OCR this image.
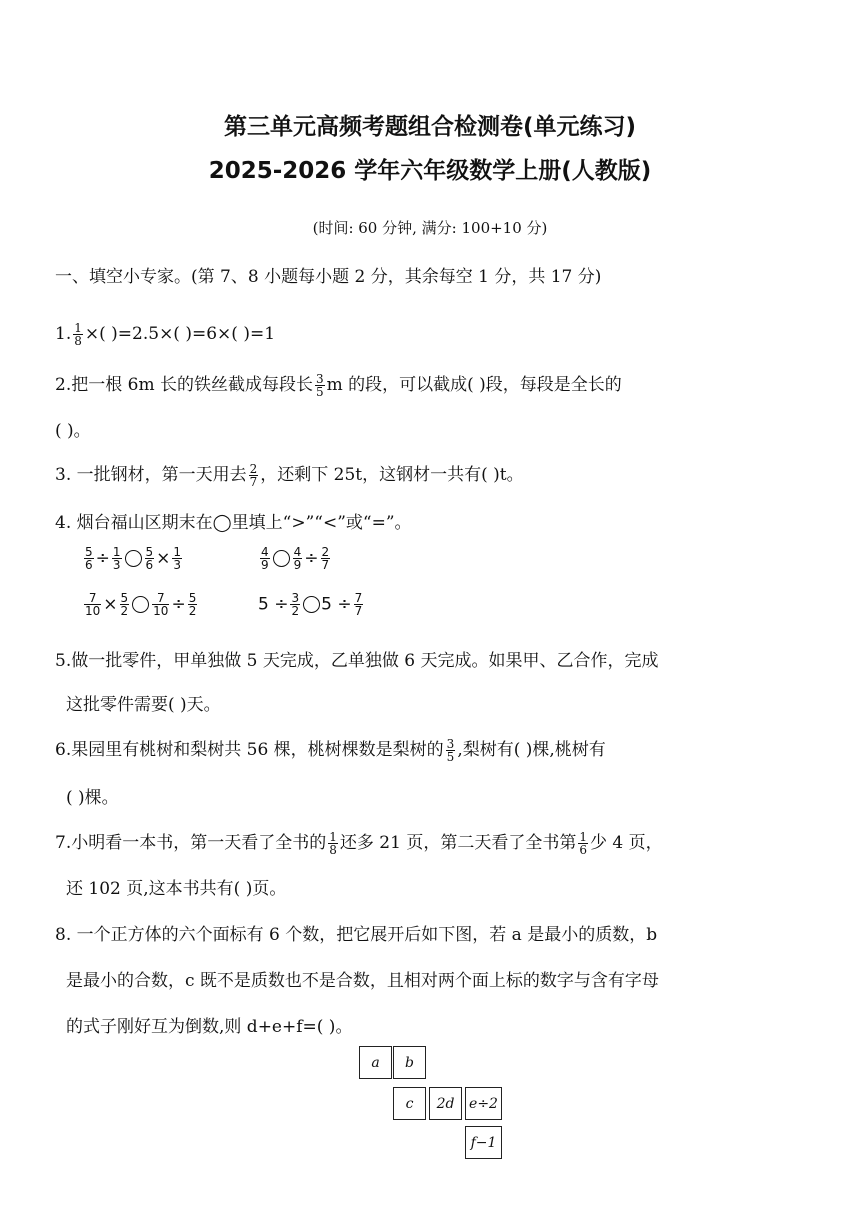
第三单元高频考题组合检测卷(单元练习)
2025-2026 学年六年级数学上册(人教版)
(时间: 60 分钟, 满分: 100+10 分)
一、填空小专家。(第 7、8 小题每小题 2 分，其余每空 1 分，共 17 分)
1. $\frac{1}{8}$ ×( )=2.5×( )=6×( )=1
2.把一根 6m 长的铁丝截成每段长 $\frac{3}{5}$ m 的段，可以截成( )段，每段是全长的
( )。
3. 一批钢材，第一天用去 $\frac{2}{7}$ ，还剩下 25t，这钢材一共有( )t。
4. 烟台福山区期末在◯里填上“>”“<”或“=”。
$\frac{5}{6} \div \frac{1}{3} \frac{5}{6} \times \frac{1}{3}$	$\frac{4}{9} \frac{4}{9} \div \frac{2}{7}$
$\frac{7}{10} \times \frac{5}{2} \frac{7}{10} \div \frac{5}{2}$	$5 \div \frac{3}{2} 5 \div \frac{7}{7}$
5.做一批零件，甲单独做 5 天完成，乙单独做 6 天完成。如果甲、乙合作，完成
这批零件需要( )天。
6.果园里有桃树和梨树共 56 棵，桃树棵数是梨树的 $\frac{3}{5}$ ,梨树有( )棵,桃树有
( )棵。
7.小明看一本书，第一天看了全书的 $\frac{1}{8}$ 还多 21 页，第二天看了全书第 $\frac{1}{6}$ 少 4 页，
还 102 页,这本书共有( )页。
8. 一个正方体的六个面标有 6 个数，把它展开后如下图，若 a 是最小的质数，b
是最小的合数，c 既不是质数也不是合数，且相对两个面上标的数字与含有字母
的式子刚好互为倒数,则 d+e+f=( )。
a	b
c	2d	e÷2
f−1
